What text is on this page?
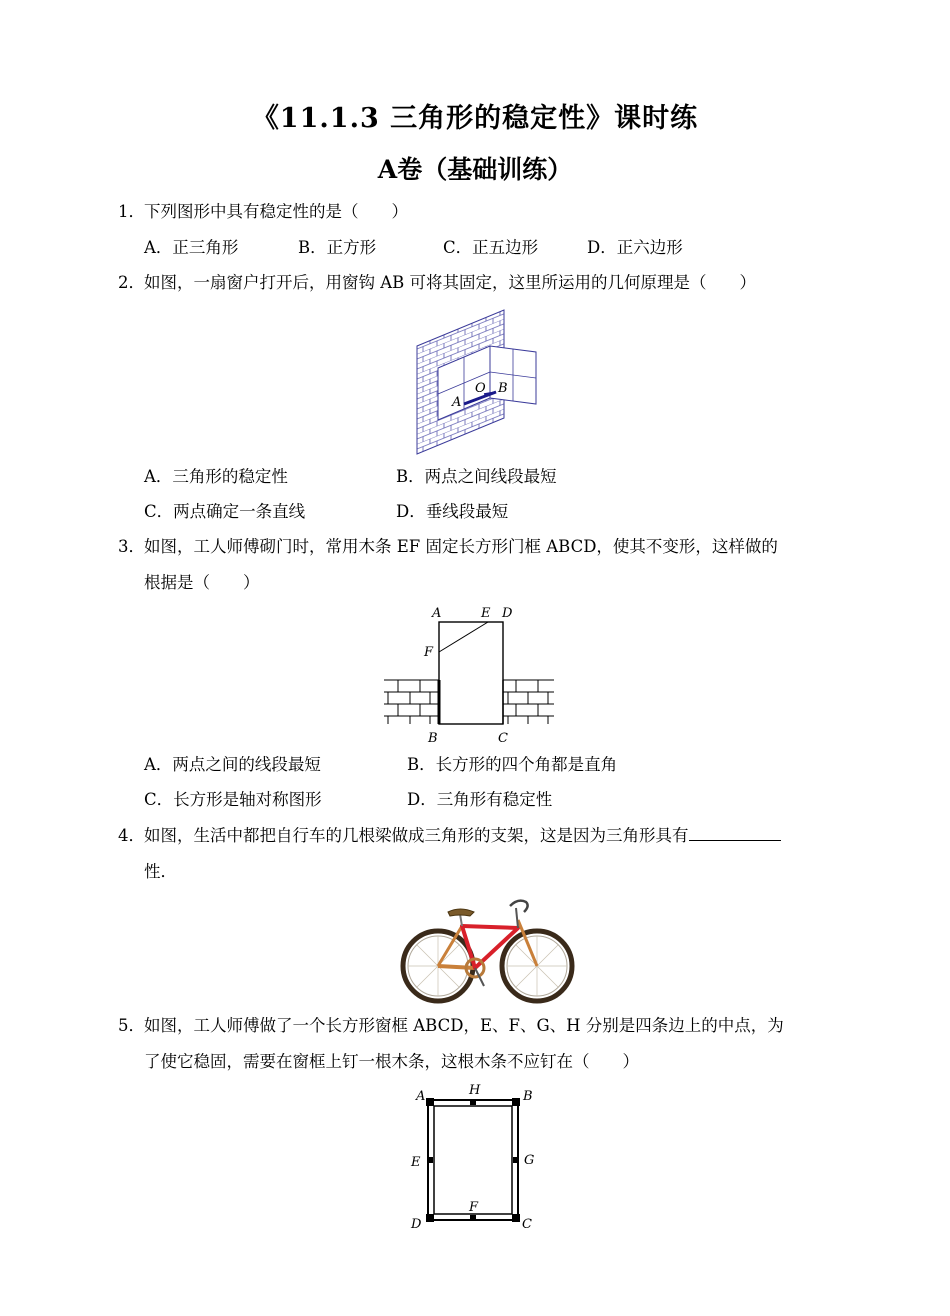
《11.1.3 三角形的稳定性》课时练
A卷（基础训练）
1．下列图形中具有稳定性的是（　　）
A．正三角形	B．正方形	C．正五边形	D．正六边形
2．如图，一扇窗户打开后，用窗钩 AB 可将其固定，这里所运用的几何原理是（　　）
O B
A
A．三角形的稳定性	B．两点之间线段最短
C．两点确定一条直线	D．垂线段最短
3．如图，工人师傅砌门时，常用木条 EF 固定长方形门框 ABCD，使其不变形，这样做的
根据是（　　）
A	E D
F
B	C
A．两点之间的线段最短	B．长方形的四个角都是直角
C．长方形是轴对称图形	D．三角形有稳定性
4．如图，生活中都把自行车的几根梁做成三角形的支架，这是因为三角形具有
性．
5．如图，工人师傅做了一个长方形窗框 ABCD，E、F、G、H 分别是四条边上的中点，为
了使它稳固，需要在窗框上钉一根木条，这根木条不应钉在（　　）
A	H	B
E	G
D
F
C
